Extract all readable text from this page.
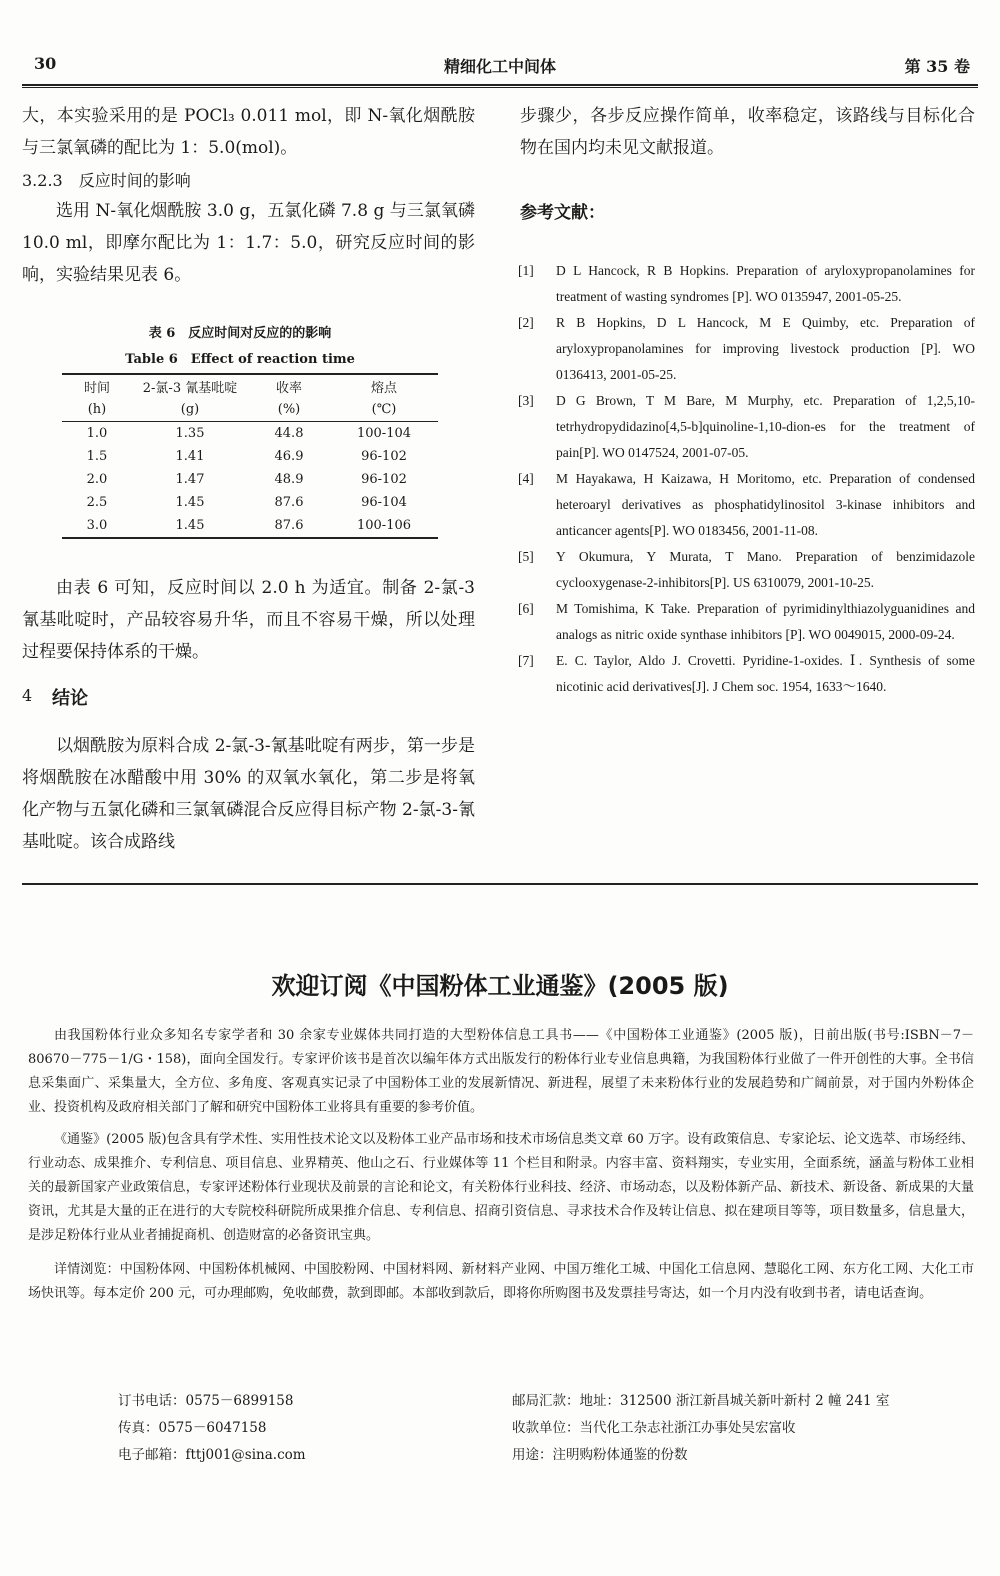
30	精细化工中间体	第 35 卷
大，本实验采用的是 POCl₃ 0.011 mol，即 N-氧化烟酰胺与三氯氧磷的配比为 1：5.0(mol)。
3.2.3　反应时间的影响
选用 N-氧化烟酰胺 3.0 g，五氯化磷 7.8 g 与三氯氧磷 10.0 ml，即摩尔配比为 1：1.7：5.0，研究反应时间的影响，实验结果见表 6。
表 6　反应时间对反应的的影响
Table 6　Effect of reaction time
时间	2-氯-3 氰基吡啶	收率	熔点
(h)	(g)	(%)	(℃)
1.0	1.35	44.8	100-104
1.5	1.41	46.9	96-102
2.0	1.47	48.9	96-102
2.5	1.45	87.6	96-104
3.0	1.45	87.6	100-106
由表 6 可知，反应时间以 2.0 h 为适宜。制备 2-氯-3 氰基吡啶时，产品较容易升华，而且不容易干燥，所以处理过程要保持体系的干燥。
4 结论
以烟酰胺为原料合成 2-氯-3-氰基吡啶有两步，第一步是将烟酰胺在冰醋酸中用 30% 的双氧水氧化，第二步是将氧化产物与五氯化磷和三氯氧磷混合反应得目标产物 2-氯-3-氰基吡啶。该合成路线
步骤少，各步反应操作简单，收率稳定，该路线与目标化合物在国内均未见文献报道。
参考文献：
[1] D L Hancock, R B Hopkins. Preparation of aryloxypropanolamines for treatment of wasting syndromes [P]. WO 0135947, 2001-05-25.
[2] R B Hopkins, D L Hancock, M E Quimby, etc. Preparation of aryloxypropanolamines for improving livestock production [P]. WO 0136413, 2001-05-25.
[3] D G Brown, T M Bare, M Murphy, etc. Preparation of 1,2,5,10-tetrhydropydidazino[4,5-b]quinoline-1,10-dion-es for the treatment of pain[P]. WO 0147524, 2001-07-05.
[4] M Hayakawa, H Kaizawa, H Moritomo, etc. Preparation of condensed heteroaryl derivatives as phosphatidylinositol 3-kinase inhibitors and anticancer agents[P]. WO 0183456, 2001-11-08.
[5] Y Okumura, Y Murata, T Mano. Preparation of benzimidazole cyclooxygenase-2-inhibitors[P]. US 6310079, 2001-10-25.
[6] M Tomishima, K Take. Preparation of pyrimidinylthiazolyguanidines and analogs as nitric oxide synthase inhibitors [P]. WO 0049015, 2000-09-24.
[7] E. C. Taylor, Aldo J. Crovetti. Pyridine-1-oxides. Ⅰ. Synthesis of some nicotinic acid derivatives[J]. J Chem soc. 1954, 1633～1640.
欢迎订阅《中国粉体工业通鉴》(2005 版)
由我国粉体行业众多知名专家学者和 30 余家专业媒体共同打造的大型粉体信息工具书——《中国粉体工业通鉴》(2005 版)，日前出版(书号:ISBN－7－80670－775－1/G・158)，面向全国发行。专家评价该书是首次以编年体方式出版发行的粉体行业专业信息典籍，为我国粉体行业做了一件开创性的大事。全书信息采集面广、采集量大，全方位、多角度、客观真实记录了中国粉体工业的发展新情况、新进程，展望了未来粉体行业的发展趋势和广阔前景，对于国内外粉体企业、投资机构及政府相关部门了解和研究中国粉体工业将具有重要的参考价值。
《通鉴》(2005 版)包含具有学术性、实用性技术论文以及粉体工业产品市场和技术市场信息类文章 60 万字。设有政策信息、专家论坛、论文选萃、市场经纬、行业动态、成果推介、专利信息、项目信息、业界精英、他山之石、行业媒体等 11 个栏目和附录。内容丰富、资料翔实，专业实用，全面系统，涵盖与粉体工业相关的最新国家产业政策信息，专家评述粉体行业现状及前景的言论和论文，有关粉体行业科技、经济、市场动态，以及粉体新产品、新技术、新设备、新成果的大量资讯，尤其是大量的正在进行的大专院校科研院所成果推介信息、专利信息、招商引资信息、寻求技术合作及转让信息、拟在建项目等等，项目数量多，信息量大，是涉足粉体行业从业者捕捉商机、创造财富的必备资讯宝典。
详情浏览：中国粉体网、中国粉体机械网、中国胶粉网、中国材料网、新材料产业网、中国万维化工城、中国化工信息网、慧聪化工网、东方化工网、大化工市场快讯等。每本定价 200 元，可办理邮购，免收邮费，款到即邮。本部收到款后，即将你所购图书及发票挂号寄达，如一个月内没有收到书者，请电话查询。
订书电话：0575－6899158
传真：0575－6047158
电子邮箱：fttj001@sina.com
邮局汇款：地址：312500 浙江新昌城关新叶新村 2 幢 241 室
收款单位：当代化工杂志社浙江办事处吴宏富收
用途：注明购粉体通鉴的份数
